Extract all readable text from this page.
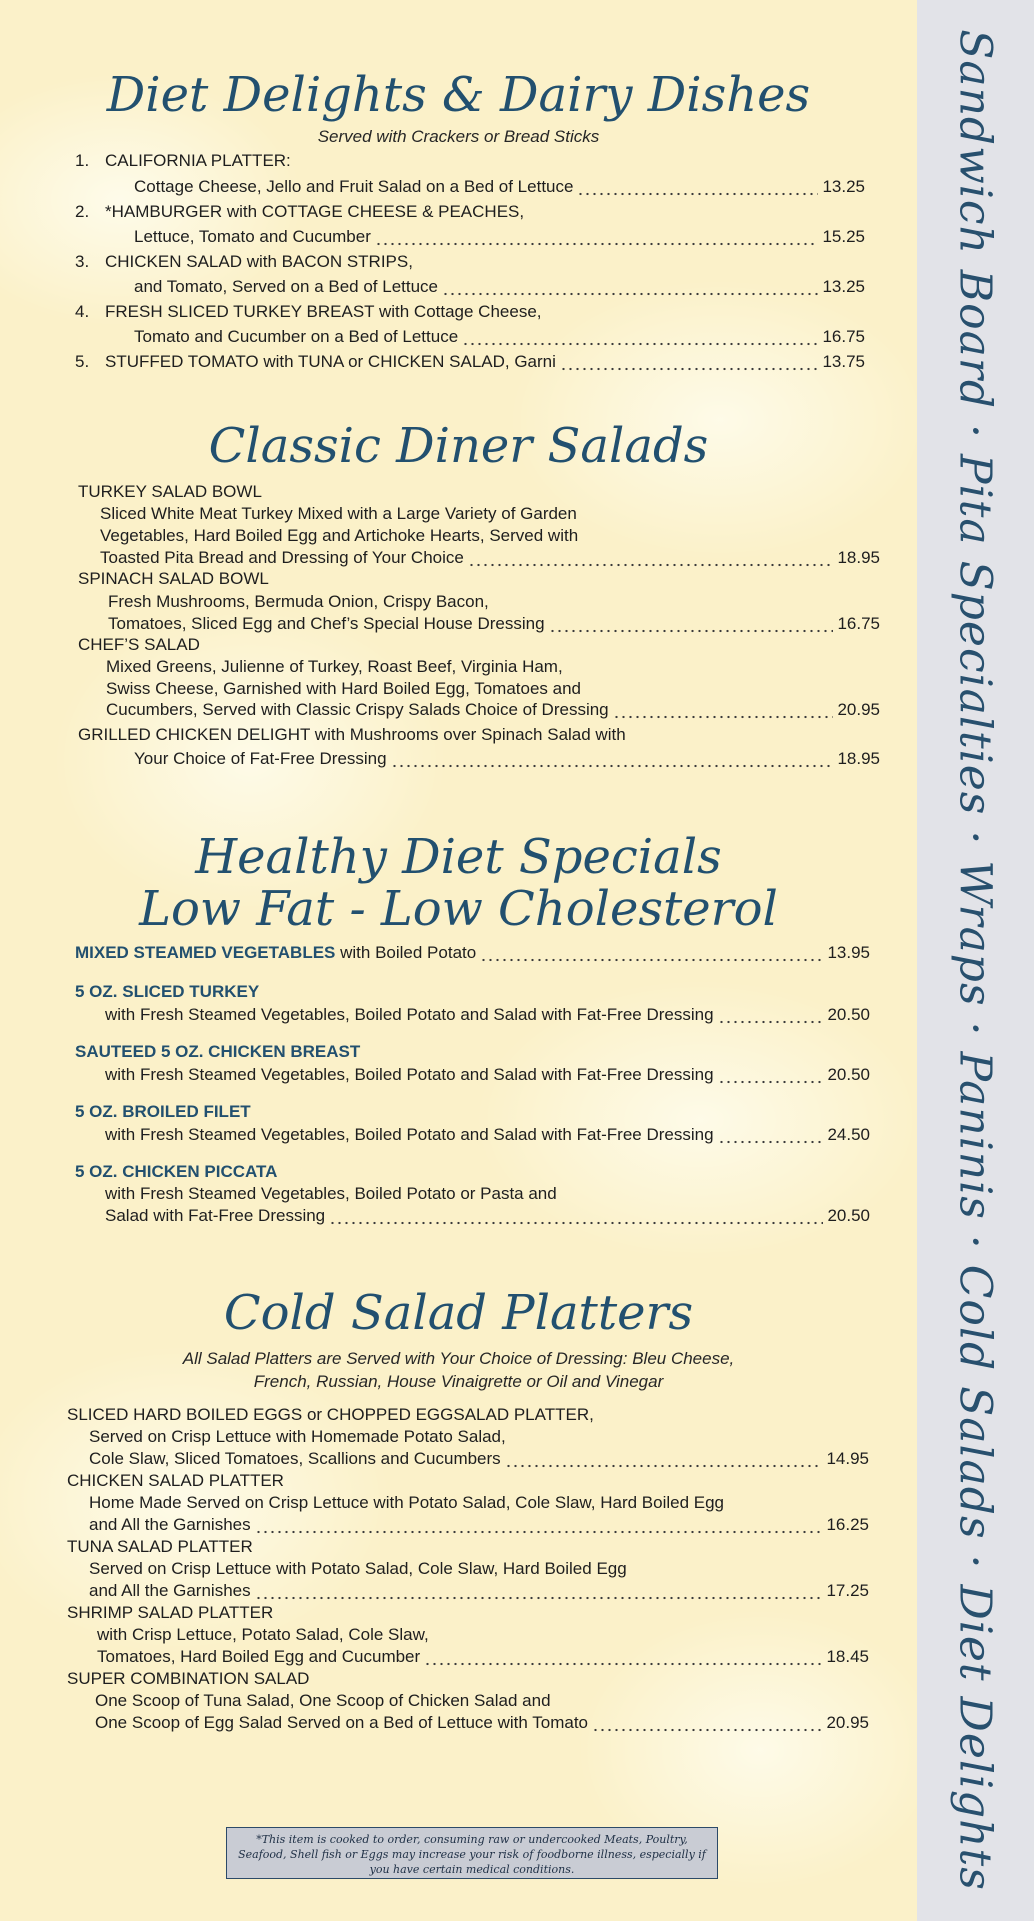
Diet Delights & Dairy Dishes
Served with Crackers or Bread Sticks
1. CALIFORNIA PLATTER:
Cottage Cheese, Jello and Fruit Salad on a Bed of Lettuce	13.25
2. *HAMBURGER with COTTAGE CHEESE & PEACHES,
Lettuce, Tomato and Cucumber	15.25
3. CHICKEN SALAD with BACON STRIPS,
and Tomato, Served on a Bed of Lettuce	13.25
4. FRESH SLICED TURKEY BREAST with Cottage Cheese,
Tomato and Cucumber on a Bed of Lettuce	16.75
5. STUFFED TOMATO with TUNA or CHICKEN SALAD, Garni	13.75
Classic Diner Salads
TURKEY SALAD BOWL
Sliced White Meat Turkey Mixed with a Large Variety of Garden
Vegetables, Hard Boiled Egg and Artichoke Hearts, Served with
Toasted Pita Bread and Dressing of Your Choice	18.95
SPINACH SALAD BOWL
Fresh Mushrooms, Bermuda Onion, Crispy Bacon,
Tomatoes, Sliced Egg and Chef’s Special House Dressing	16.75
CHEF’S SALAD
Mixed Greens, Julienne of Turkey, Roast Beef, Virginia Ham,
Swiss Cheese, Garnished with Hard Boiled Egg, Tomatoes and
Cucumbers, Served with Classic Crispy Salads Choice of Dressing	20.95
GRILLED CHICKEN DELIGHT with Mushrooms over Spinach Salad with
Your Choice of Fat-Free Dressing	18.95
Healthy Diet Specials
Low Fat - Low Cholesterol
MIXED STEAMED VEGETABLES with Boiled Potato	13.95
5 OZ. SLICED TURKEY
with Fresh Steamed Vegetables, Boiled Potato and Salad with Fat-Free Dressing	20.50
SAUTEED 5 OZ. CHICKEN BREAST
with Fresh Steamed Vegetables, Boiled Potato and Salad with Fat-Free Dressing	20.50
5 OZ. BROILED FILET
with Fresh Steamed Vegetables, Boiled Potato and Salad with Fat-Free Dressing	24.50
5 OZ. CHICKEN PICCATA
with Fresh Steamed Vegetables, Boiled Potato or Pasta and
Salad with Fat-Free Dressing	20.50
Cold Salad Platters
All Salad Platters are Served with Your Choice of Dressing: Bleu Cheese,
French, Russian, House Vinaigrette or Oil and Vinegar
SLICED HARD BOILED EGGS or CHOPPED EGGSALAD PLATTER,
Served on Crisp Lettuce with Homemade Potato Salad,
Cole Slaw, Sliced Tomatoes, Scallions and Cucumbers	14.95
CHICKEN SALAD PLATTER
Home Made Served on Crisp Lettuce with Potato Salad, Cole Slaw, Hard Boiled Egg
and All the Garnishes	16.25
TUNA SALAD PLATTER
Served on Crisp Lettuce with Potato Salad, Cole Slaw, Hard Boiled Egg
and All the Garnishes	17.25
SHRIMP SALAD PLATTER
with Crisp Lettuce, Potato Salad, Cole Slaw,
Tomatoes, Hard Boiled Egg and Cucumber	18.45
SUPER COMBINATION SALAD
One Scoop of Tuna Salad, One Scoop of Chicken Salad and
One Scoop of Egg Salad Served on a Bed of Lettuce with Tomato	20.95
*This item is cooked to order, consuming raw or undercooked Meats, Poultry, Seafood, Shell fish or Eggs may increase your risk of foodborne illness, especially if you have certain medical conditions.	Sandwich Board · Pita Specialties · Wraps · Paninis · Cold Salads · Diet Delights
